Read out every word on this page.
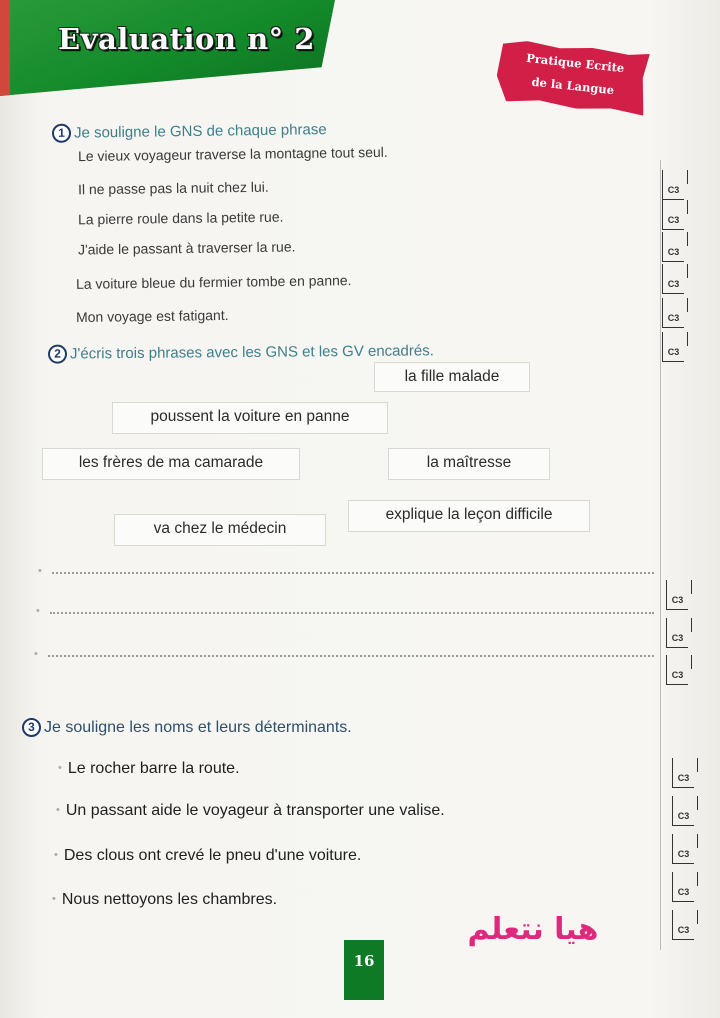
Evaluation n° 2
Pratique Ecrite
de la Langue
1 Je souligne le GNS de chaque phrase
Le vieux voyageur traverse la montagne tout seul.
Il ne passe pas la nuit chez lui.
La pierre roule dans la petite rue.
J'aide le passant à traverser la rue.
La voiture bleue du fermier tombe en panne.
Mon voyage est fatigant.
2 J'écris trois phrases avec les GNS et les GV encadrés.
la fille malade
poussent la voiture en panne
les frères de ma camarade	la maîtresse
explique la leçon difficile
va chez le médecin
•
•
•
3 Je souligne les noms et leurs déterminants.
• Le rocher barre la route.
• Un passant aide le voyageur à transporter une valise.
• Des clous ont crevé le pneu d'une voiture.
• Nous nettoyons les chambres.
C3
C3
C3
C3
C3
C3
C3
C3
C3
C3
C3
C3
C3
C3
16
هيا نتعلم
